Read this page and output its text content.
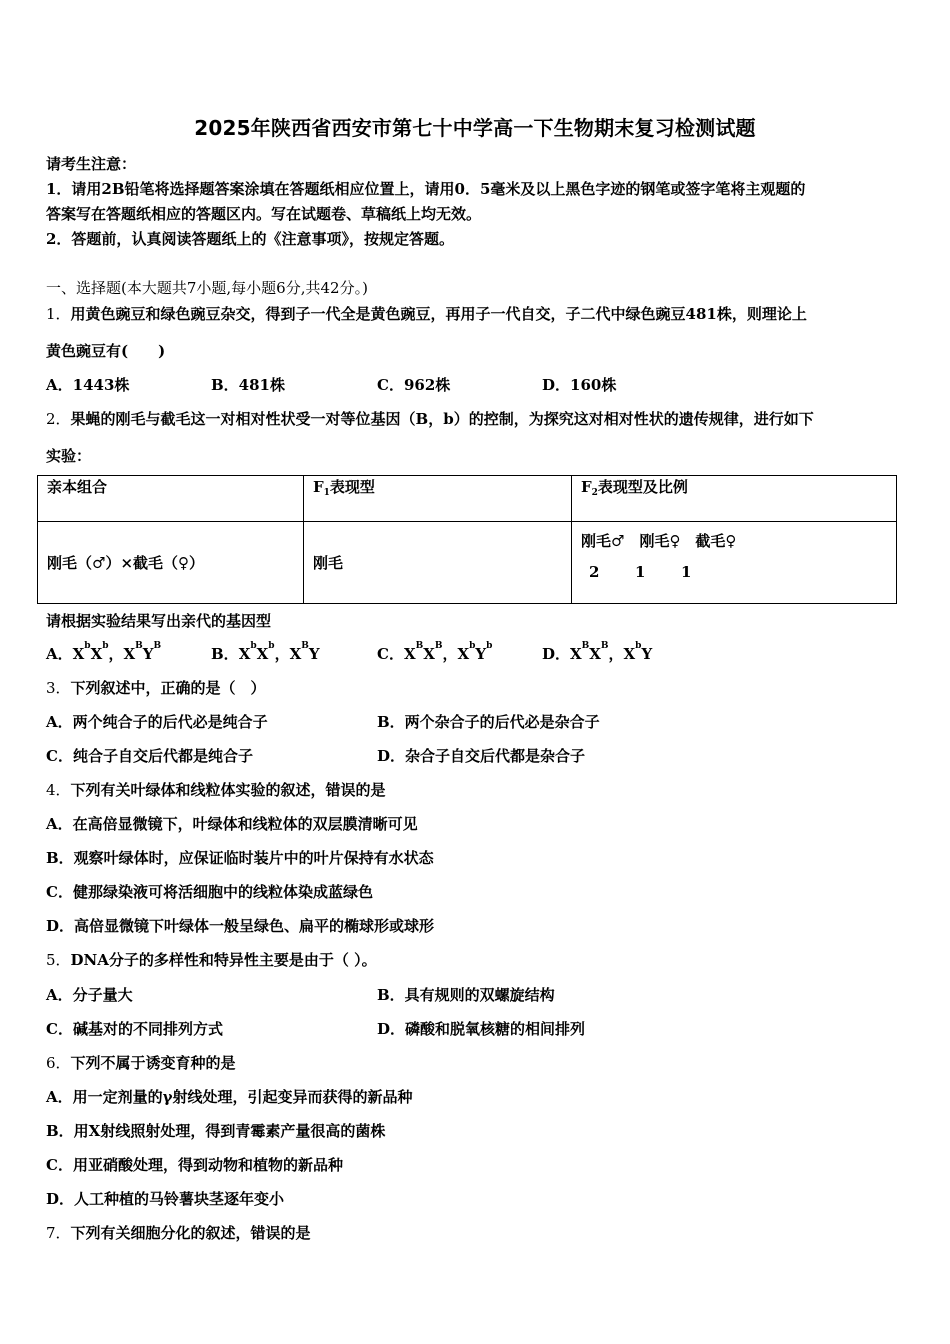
2025年陕西省西安市第七十中学高一下生物期末复习检测试题
请考生注意：
1．请用2B铅笔将选择题答案涂填在答题纸相应位置上，请用0．5毫米及以上黑色字迹的钢笔或签字笔将主观题的
答案写在答题纸相应的答题区内。写在试题卷、草稿纸上均无效。
2．答题前，认真阅读答题纸上的《注意事项》，按规定答题。
一、选择题(本大题共7小题,每小题6分,共42分。)
1．用黄色豌豆和绿色豌豆杂交，得到子一代全是黄色豌豆，再用子一代自交，子二代中绿色豌豆481株，则理论上
黄色豌豆有(　　)
A．1443株	B．481株	C．962株	D．160株
2．果蝇的刚毛与截毛这一对相对性状受一对等位基因（B，b）的控制，为探究这对相对性状的遗传规律，进行如下
实验：
亲本组合	$F_1$表现型	$F_2$表现型及比例
刚毛（♂）×截毛（♀）	刚毛	刚毛♂　刚毛♀　截毛♀
2 1 1
请根据实验结果写出亲代的基因型
A．$X^bX^b$，$X^BY^B$	B．$X^bX^b$，$X^BY$	C．$X^BX^B$，$X^bY^b$	D．$X^BX^B$，$X^bY$
3．下列叙述中，正确的是（　）
A．两个纯合子的后代必是纯合子	B．两个杂合子的后代必是杂合子
C．纯合子自交后代都是纯合子	D．杂合子自交后代都是杂合子
4．下列有关叶绿体和线粒体实验的叙述，错误的是
A．在高倍显微镜下，叶绿体和线粒体的双层膜清晰可见
B．观察叶绿体时，应保证临时装片中的叶片保持有水状态
C．健那绿染液可将活细胞中的线粒体染成蓝绿色
D．高倍显微镜下叶绿体一般呈绿色、扁平的椭球形或球形
5．DNA分子的多样性和特异性主要是由于（ ）。
A．分子量大	B．具有规则的双螺旋结构
C．碱基对的不同排列方式	D．磷酸和脱氧核糖的相间排列
6．下列不属于诱变育种的是
A．用一定剂量的γ射线处理，引起变异而获得的新品种
B．用X射线照射处理，得到青霉素产量很高的菌株
C．用亚硝酸处理，得到动物和植物的新品种
D．人工种植的马铃薯块茎逐年变小
7．下列有关细胞分化的叙述，错误的是
